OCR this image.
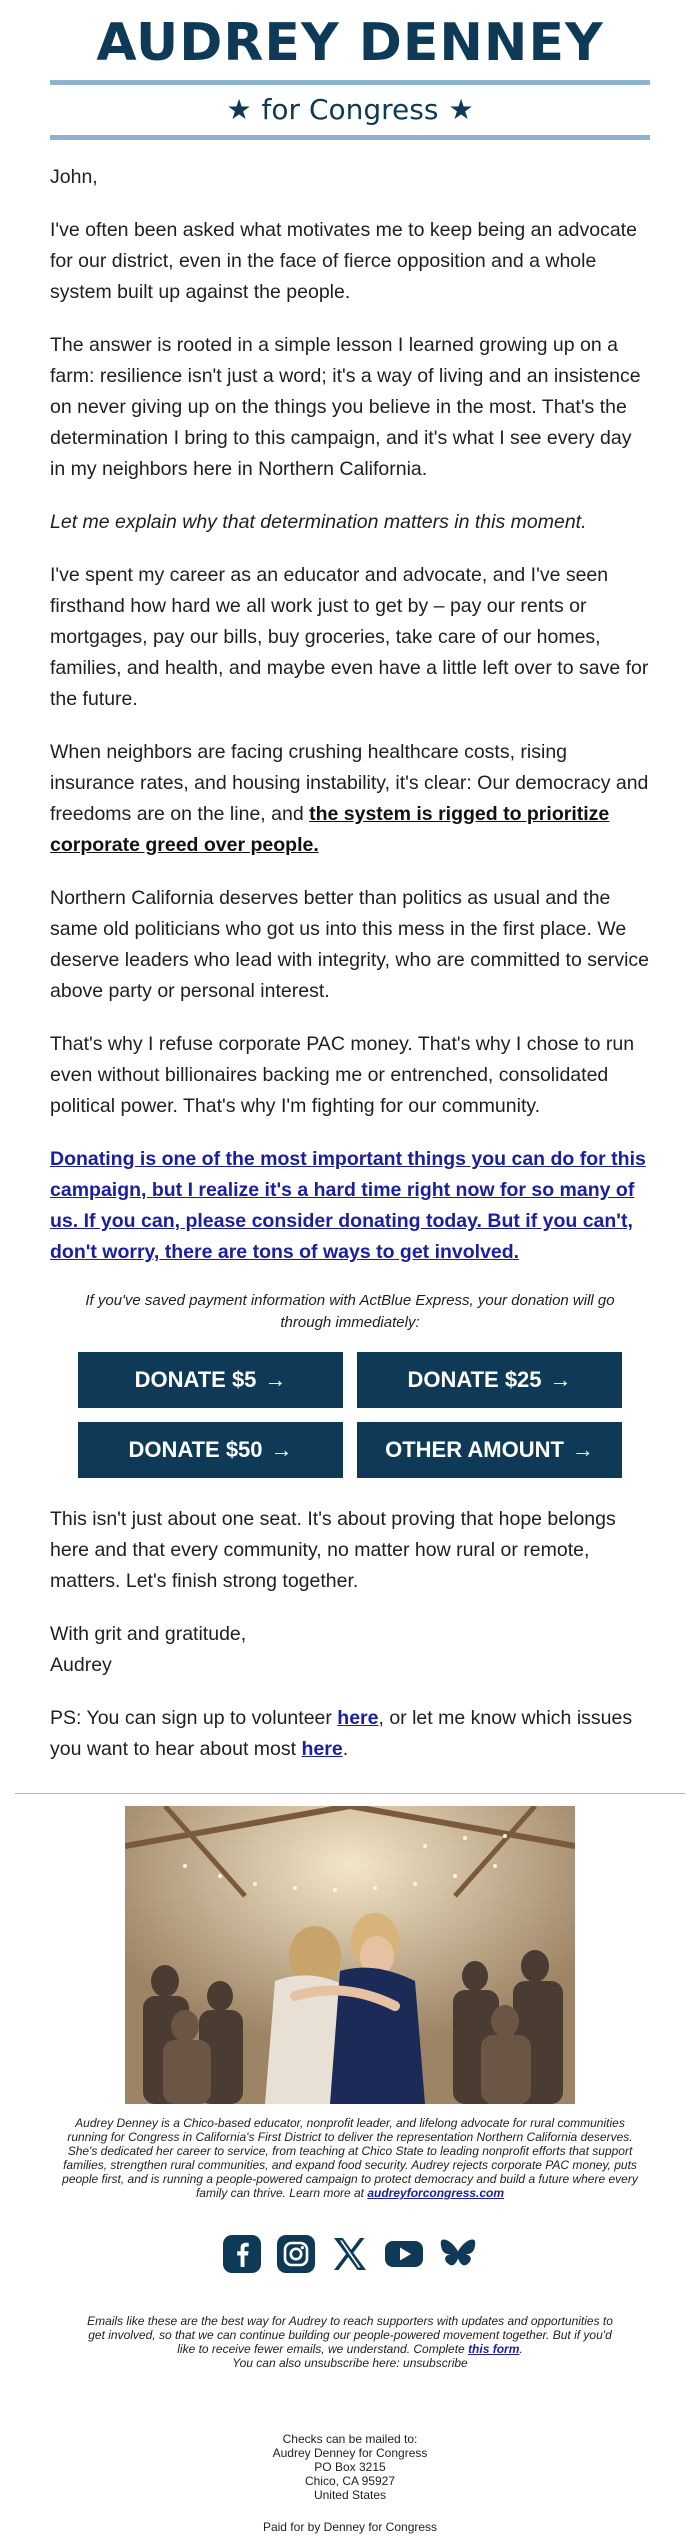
AUDREY DENNEY
★ for Congress ★

John,

I've often been asked what motivates me to keep being an advocate for our district, even in the face of fierce opposition and a whole system built up against the people.

The answer is rooted in a simple lesson I learned growing up on a farm: resilience isn't just a word; it's a way of living and an insistence on never giving up on the things you believe in the most. That's the determination I bring to this campaign, and it's what I see every day in my neighbors here in Northern California.

Let me explain why that determination matters in this moment.

I've spent my career as an educator and advocate, and I've seen firsthand how hard we all work just to get by – pay our rents or mortgages, pay our bills, buy groceries, take care of our homes, families, and health, and maybe even have a little left over to save for the future.

When neighbors are facing crushing healthcare costs, rising insurance rates, and housing instability, it's clear: Our democracy and freedoms are on the line, and the system is rigged to prioritize corporate greed over people.

Northern California deserves better than politics as usual and the same old politicians who got us into this mess in the first place. We deserve leaders who lead with integrity, who are committed to service above party or personal interest.

That's why I refuse corporate PAC money. That's why I chose to run even without billionaires backing me or entrenched, consolidated political power. That's why I'm fighting for our community.

Donating is one of the most important things you can do for this campaign, but I realize it's a hard time right now for so many of us. If you can, please consider donating today. But if you can't, don't worry, there are tons of ways to get involved.

If you've saved payment information with ActBlue Express, your donation will go through immediately:

DONATE $5 →	DONATE $25 →
DONATE $50 →	OTHER AMOUNT →

This isn't just about one seat. It's about proving that hope belongs here and that every community, no matter how rural or remote, matters. Let's finish strong together.

With grit and gratitude,
Audrey

PS: You can sign up to volunteer here, or let me know which issues you want to hear about most here.

Audrey Denney is a Chico-based educator, nonprofit leader, and lifelong advocate for rural communities running for Congress in California's First District to deliver the representation Northern California deserves. She's dedicated her career to service, from teaching at Chico State to leading nonprofit efforts that support families, strengthen rural communities, and expand food security. Audrey rejects corporate PAC money, puts people first, and is running a people-powered campaign to protect democracy and build a future where every family can thrive. Learn more at audreyforcongress.com

Emails like these are the best way for Audrey to reach supporters with updates and opportunities to get involved, so that we can continue building our people-powered movement together. But if you'd like to receive fewer emails, we understand. Complete this form.
You can also unsubscribe here: unsubscribe

Checks can be mailed to:
Audrey Denney for Congress
PO Box 3215
Chico, CA 95927
United States
Paid for by Denney for Congress
